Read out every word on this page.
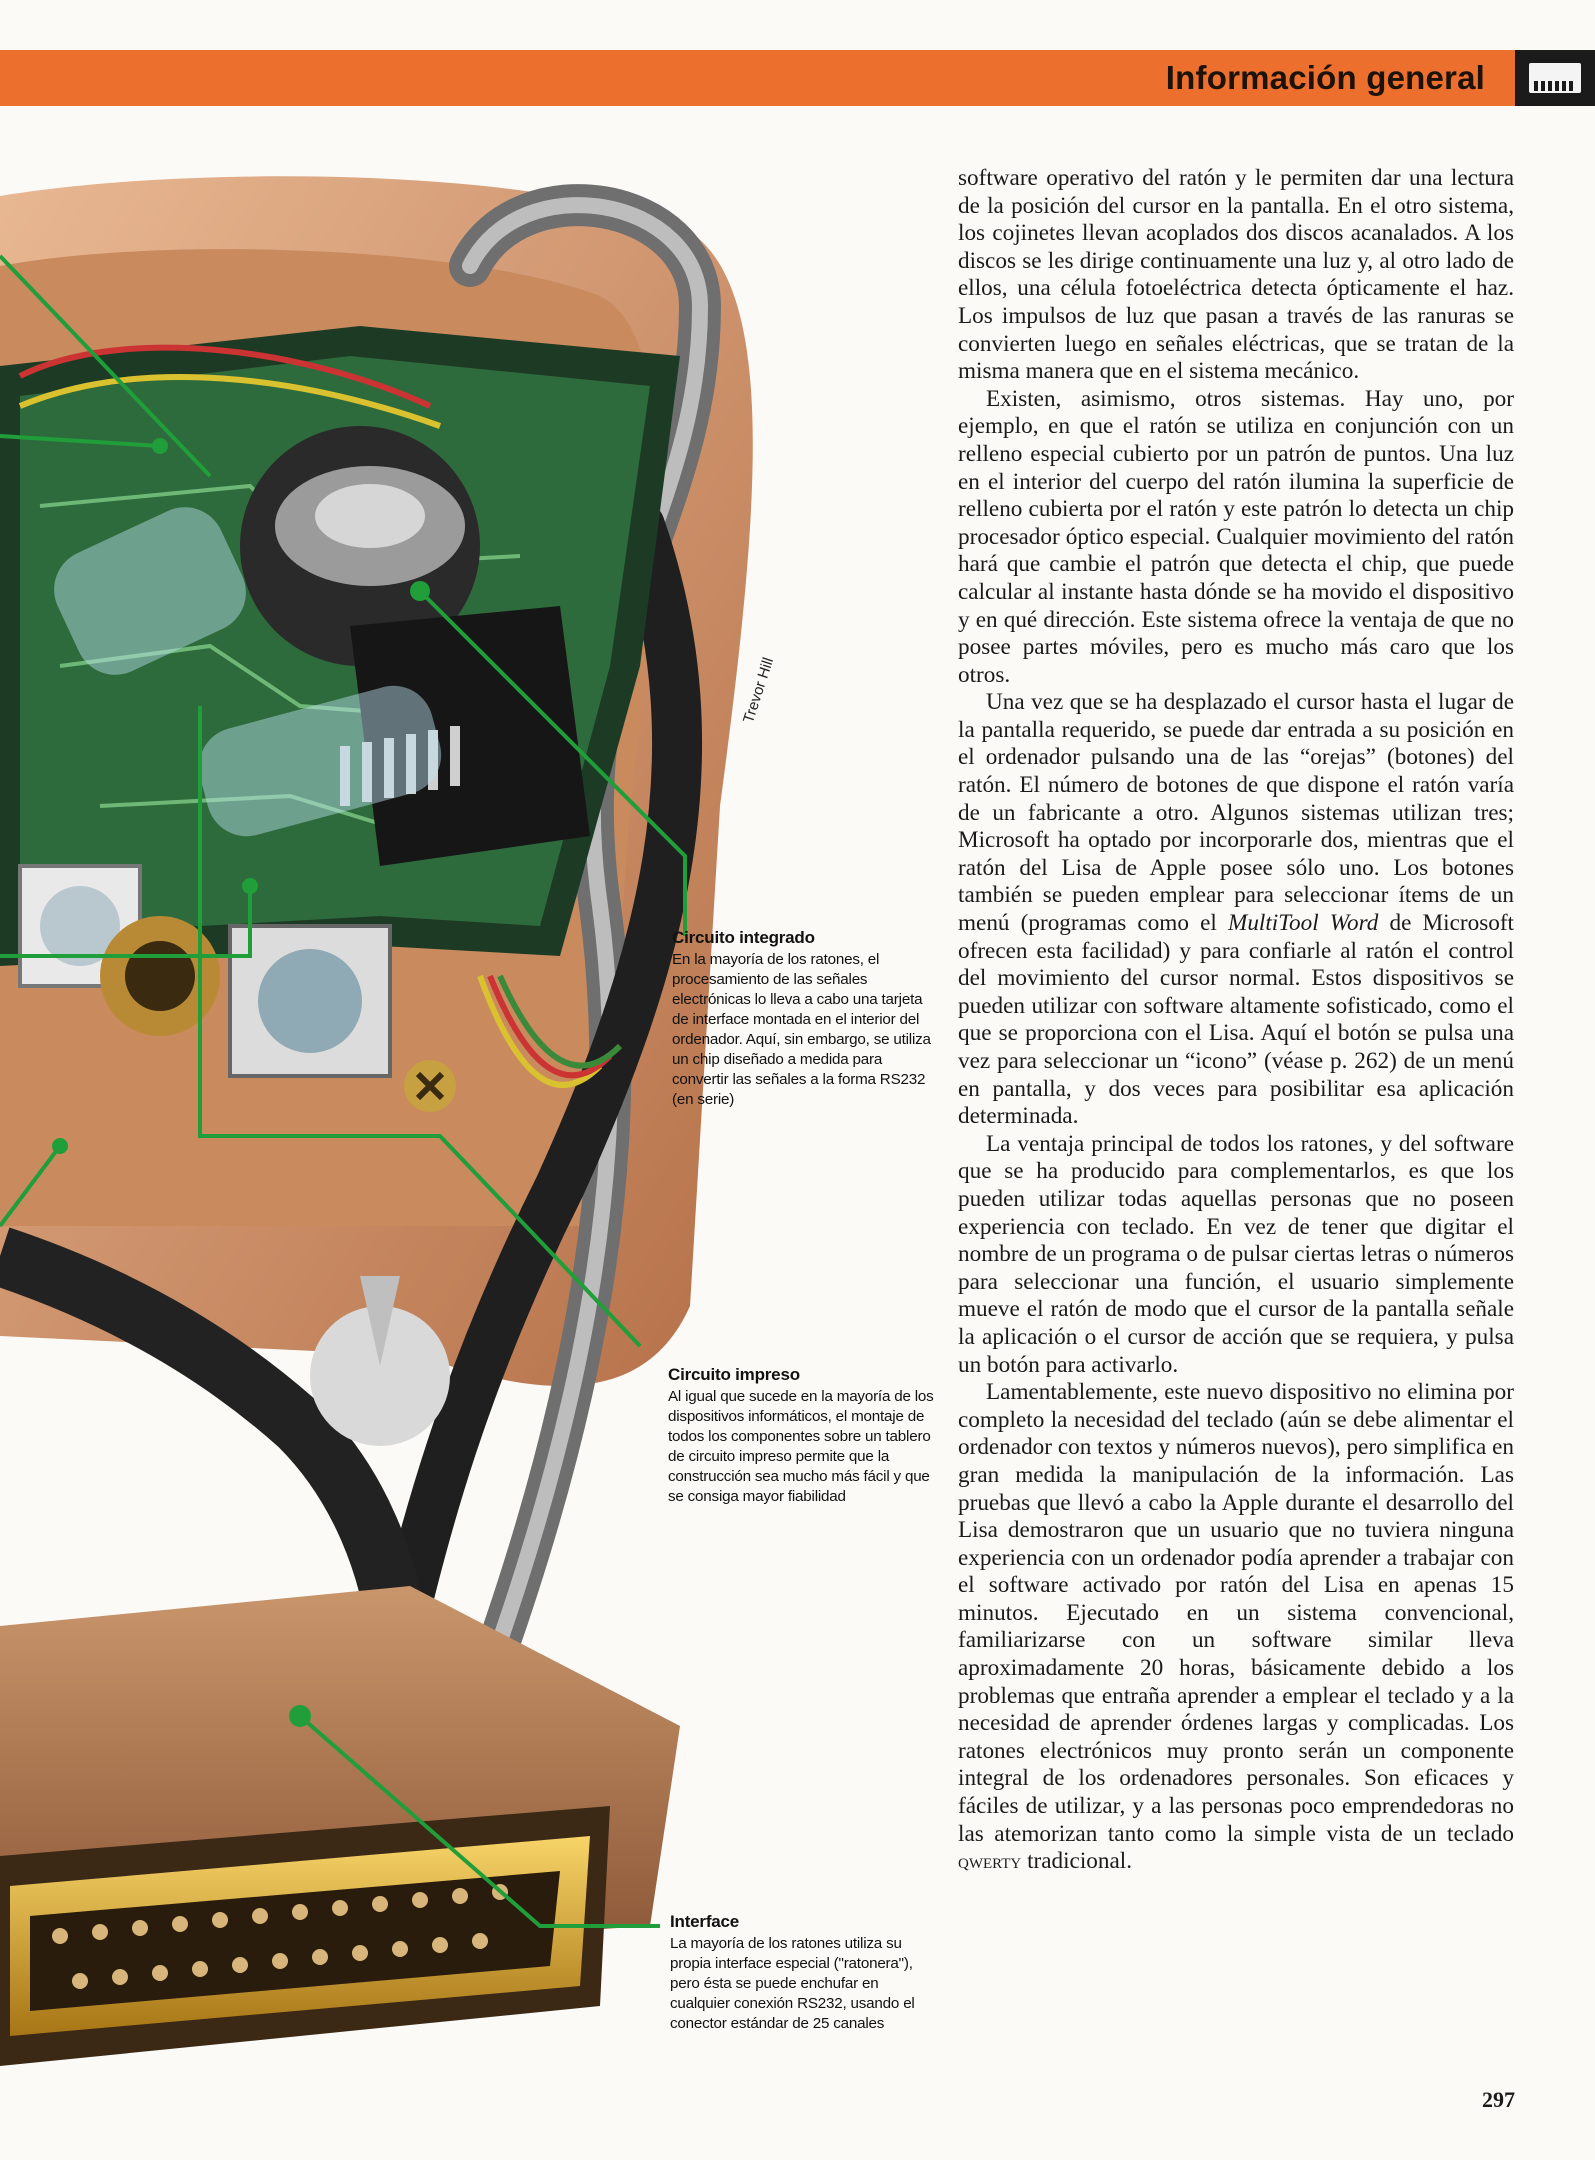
Información general
Trevor Hill
Circuito integrado
En la mayoría de los ratones, el procesamiento de las señales electrónicas lo lleva a cabo una tarjeta de interface montada en el interior del ordenador. Aquí, sin embargo, se utiliza un chip diseñado a medida para convertir las señales a la forma RS232 (en serie)
Circuito impreso
Al igual que sucede en la mayoría de los dispositivos informáticos, el montaje de todos los componentes sobre un tablero de circuito impreso permite que la construcción sea mucho más fácil y que se consiga mayor fiabilidad
Interface
La mayoría de los ratones utiliza su propia interface especial ("ratonera"), pero ésta se puede enchufar en cualquier conexión RS232, usando el conector estándar de 25 canales

software operativo del ratón y le permiten dar una lectura de la posición del cursor en la pantalla. En el otro sistema, los cojinetes llevan acoplados dos discos acanalados. A los discos se les dirige continuamente una luz y, al otro lado de ellos, una célula fotoeléctrica detecta ópticamente el haz. Los impulsos de luz que pasan a través de las ranuras se convierten luego en señales eléctricas, que se tratan de la misma manera que en el sistema mecánico.

Existen, asimismo, otros sistemas. Hay uno, por ejemplo, en que el ratón se utiliza en conjunción con un relleno especial cubierto por un patrón de puntos. Una luz en el interior del cuerpo del ratón ilumina la superficie de relleno cubierta por el ratón y este patrón lo detecta un chip procesador óptico especial. Cualquier movimiento del ratón hará que cambie el patrón que detecta el chip, que puede calcular al instante hasta dónde se ha movido el dispositivo y en qué dirección. Este sistema ofrece la ventaja de que no posee partes móviles, pero es mucho más caro que los otros.

Una vez que se ha desplazado el cursor hasta el lugar de la pantalla requerido, se puede dar entrada a su posición en el ordenador pulsando una de las “orejas” (botones) del ratón. El número de botones de que dispone el ratón varía de un fabricante a otro. Algunos sistemas utilizan tres; Microsoft ha optado por incorporarle dos, mientras que el ratón del Lisa de Apple posee sólo uno. Los botones también se pueden emplear para seleccionar ítems de un menú (programas como el MultiTool Word de Microsoft ofrecen esta facilidad) y para confiarle al ratón el control del movimiento del cursor normal. Estos dispositivos se pueden utilizar con software altamente sofisticado, como el que se proporciona con el Lisa. Aquí el botón se pulsa una vez para seleccionar un “icono” (véase p. 262) de un menú en pantalla, y dos veces para posibilitar esa aplicación determinada.

La ventaja principal de todos los ratones, y del software que se ha producido para complementarlos, es que los pueden utilizar todas aquellas personas que no poseen experiencia con teclado. En vez de tener que digitar el nombre de un programa o de pulsar ciertas letras o números para seleccionar una función, el usuario simplemente mueve el ratón de modo que el cursor de la pantalla señale la aplicación o el cursor de acción que se requiera, y pulsa un botón para activarlo.

Lamentablemente, este nuevo dispositivo no elimina por completo la necesidad del teclado (aún se debe alimentar el ordenador con textos y números nuevos), pero simplifica en gran medida la manipulación de la información. Las pruebas que llevó a cabo la Apple durante el desarrollo del Lisa demostraron que un usuario que no tuviera ninguna experiencia con un ordenador podía aprender a trabajar con el software activado por ratón del Lisa en apenas 15 minutos. Ejecutado en un sistema convencional, familiarizarse con un software similar lleva aproximadamente 20 horas, básicamente debido a los problemas que entraña aprender a emplear el teclado y a la necesidad de aprender órdenes largas y complicadas. Los ratones electrónicos muy pronto serán un componente integral de los ordenadores personales. Son eficaces y fáciles de utilizar, y a las personas poco emprendedoras no las atemorizan tanto como la simple vista de un teclado qwerty tradicional.

297
